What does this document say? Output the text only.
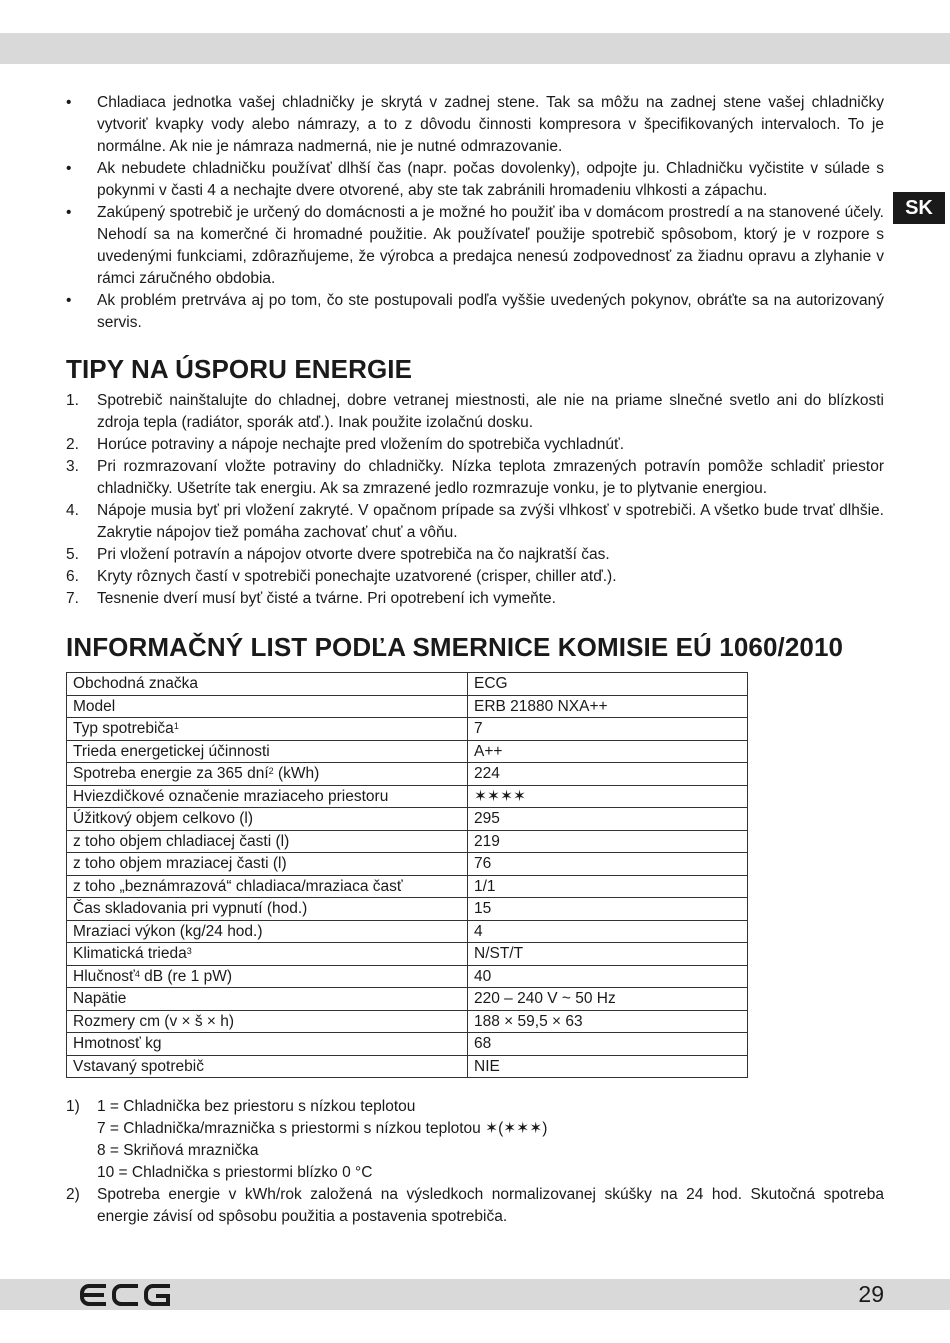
SK
• Chladiaca jednotka vašej chladničky je skrytá v zadnej stene. Tak sa môžu na zadnej stene vašej chladničky vytvoriť kvapky vody alebo námrazy, a to z dôvodu činnosti kompresora v špecifikovaných intervaloch. To je normálne. Ak nie je námraza nadmerná, nie je nutné odmrazovanie.
• Ak nebudete chladničku používať dlhší čas (napr. počas dovolenky), odpojte ju. Chladničku vyčistite v súlade s pokynmi v časti 4 a nechajte dvere otvorené, aby ste tak zabránili hromadeniu vlhkosti a zápachu.
• Zakúpený spotrebič je určený do domácnosti a je možné ho použiť iba v domácom prostredí a na stanovené účely. Nehodí sa na komerčné či hromadné použitie. Ak používateľ použije spotrebič spôsobom, ktorý je v rozpore s uvedenými funkciami, zdôrazňujeme, že výrobca a predajca nenesú zodpovednosť za žiadnu opravu a zlyhanie v rámci záručného obdobia.
• Ak problém pretrváva aj po tom, čo ste postupovali podľa vyššie uvedených pokynov, obráťte sa na autorizovaný servis.
TIPY NA ÚSPORU ENERGIE
1. Spotrebič nainštalujte do chladnej, dobre vetranej miestnosti, ale nie na priame slnečné svetlo ani do blízkosti zdroja tepla (radiátor, sporák atď.). Inak použite izolačnú dosku.
2. Horúce potraviny a nápoje nechajte pred vložením do spotrebiča vychladnúť.
3. Pri rozmrazovaní vložte potraviny do chladničky. Nízka teplota zmrazených potravín pomôže schladiť priestor chladničky. Ušetríte tak energiu. Ak sa zmrazené jedlo rozmrazuje vonku, je to plytvanie energiou.
4. Nápoje musia byť pri vložení zakryté. V opačnom prípade sa zvýši vlhkosť v spotrebiči. A všetko bude trvať dlhšie. Zakrytie nápojov tiež pomáha zachovať chuť a vôňu.
5. Pri vložení potravín a nápojov otvorte dvere spotrebiča na čo najkratší čas.
6. Kryty rôznych častí v spotrebiči ponechajte uzatvorené (crisper, chiller atď.).
7. Tesnenie dverí musí byť čisté a tvárne. Pri opotrebení ich vymeňte.
INFORMAČNÝ LIST PODĽA SMERNICE KOMISIE EÚ 1060/2010
Obchodná značka	ECG
Model	ERB 21880 NXA++
Typ spotrebiča$^1$	7
Trieda energetickej účinnosti	A++
Spotreba energie za 365 dní$^2$ (kWh)	224
Hviezdičkové označenie mraziaceho priestoru	✶✶✶✶
Úžitkový objem celkovo (l)	295
z toho objem chladiacej časti (l)	219
z toho objem mraziacej časti (l)	76
z toho „beznámrazová“ chladiaca/mraziaca časť	1/1
Čas skladovania pri vypnutí (hod.)	15
Mraziaci výkon (kg/24 hod.)	4
Klimatická trieda$^3$	N/ST/T
Hlučnosť$^4$ dB (re 1 pW)	40
Napätie	220 – 240 V ~ 50 Hz
Rozmery cm (v × š × h)	188 × 59,5 × 63
Hmotnosť kg	68
Vstavaný spotrebič	NIE
1) 1 = Chladnička bez priestoru s nízkou teplotou
7 = Chladnička/mraznička s priestormi s nízkou teplotou ✶(✶✶✶)
8 = Skriňová mraznička
10 = Chladnička s priestormi blízko 0 °C
2) Spotreba energie v kWh/rok založená na výsledkoch normalizovanej skúšky na 24 hod. Skutočná spotreba energie závisí od spôsobu použitia a postavenia spotrebiča.
29
